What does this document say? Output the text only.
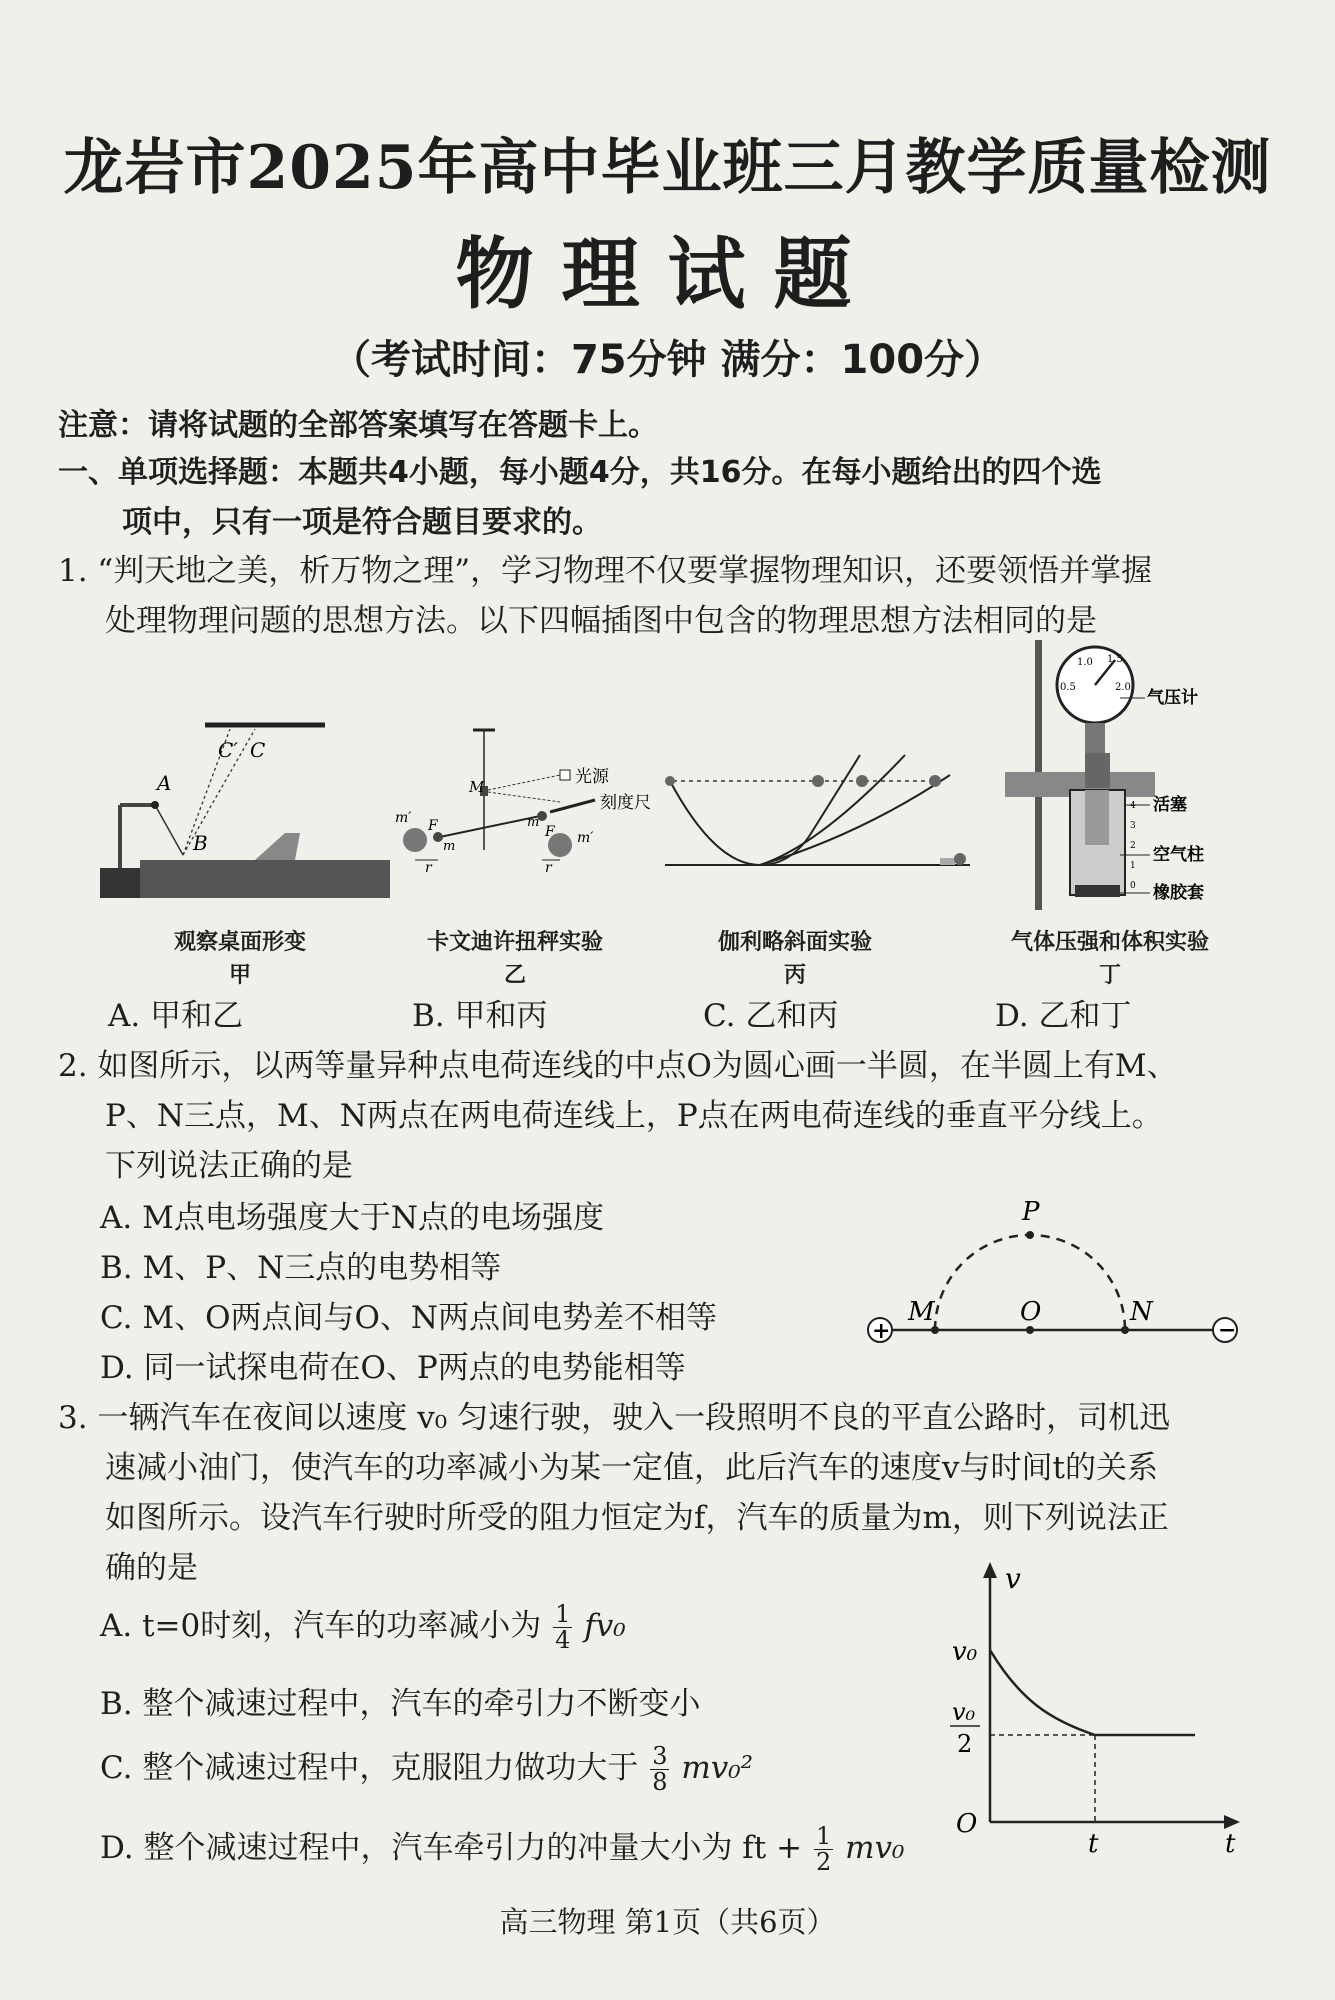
龙岩市2025年高中毕业班三月教学质量检测
物理试题
（考试时间：75分钟 满分：100分）
注意：请将试题的全部答案填写在答题卡上。
一、单项选择题：本题共4小题，每小题4分，共16分。在每小题给出的四个选
项中，只有一项是符合题目要求的。
1. “判天地之美，析万物之理”，学习物理不仅要掌握物理知识，还要领悟并掌握
处理物理问题的思想方法。以下四幅插图中包含的物理思想方法相同的是
C′ C
A
B
M	光源
刻度尺
m′
m′
F	F
m
m
r	r
0.5
1.0 1.5
2.0
4
3
2
1
0
气压计
活塞
空气柱
橡胶套
观察桌面形变
甲
卡文迪许扭秤实验
乙
伽利略斜面实验
丙
气体压强和体积实验
丁
A. 甲和乙	B. 甲和丙	C. 乙和丙	D. 乙和丁
2. 如图所示，以两等量异种点电荷连线的中点O为圆心画一半圆，在半圆上有M、
P、N三点，M、N两点在两电荷连线上，P点在两电荷连线的垂直平分线上。
下列说法正确的是
A. M点电场强度大于N点的电场强度
B. M、P、N三点的电势相等
C. M、O两点间与O、N两点间电势差不相等
D. 同一试探电荷在O、P两点的电势能相等
+	−
P
M	O	N
3. 一辆汽车在夜间以速度 v₀ 匀速行驶，驶入一段照明不良的平直公路时，司机迅
速减小油门，使汽车的功率减小为某一定值，此后汽车的速度v与时间t的关系
如图所示。设汽车行驶时所受的阻力恒定为f，汽车的质量为m，则下列说法正
确的是
A. t=0时刻，汽车的功率减小为 $\frac{1}{4} fv_0$
B. 整个减速过程中，汽车的牵引力不断变小
C. 整个减速过程中，克服阻力做功大于 $\frac{3}{8} mv_0^2$
D. 整个减速过程中，汽车牵引力的冲量大小为 ft + $\frac{1}{2} mv_0$
v
v₀
v₀
2
O
t	t
高三物理 第1页（共6页）
